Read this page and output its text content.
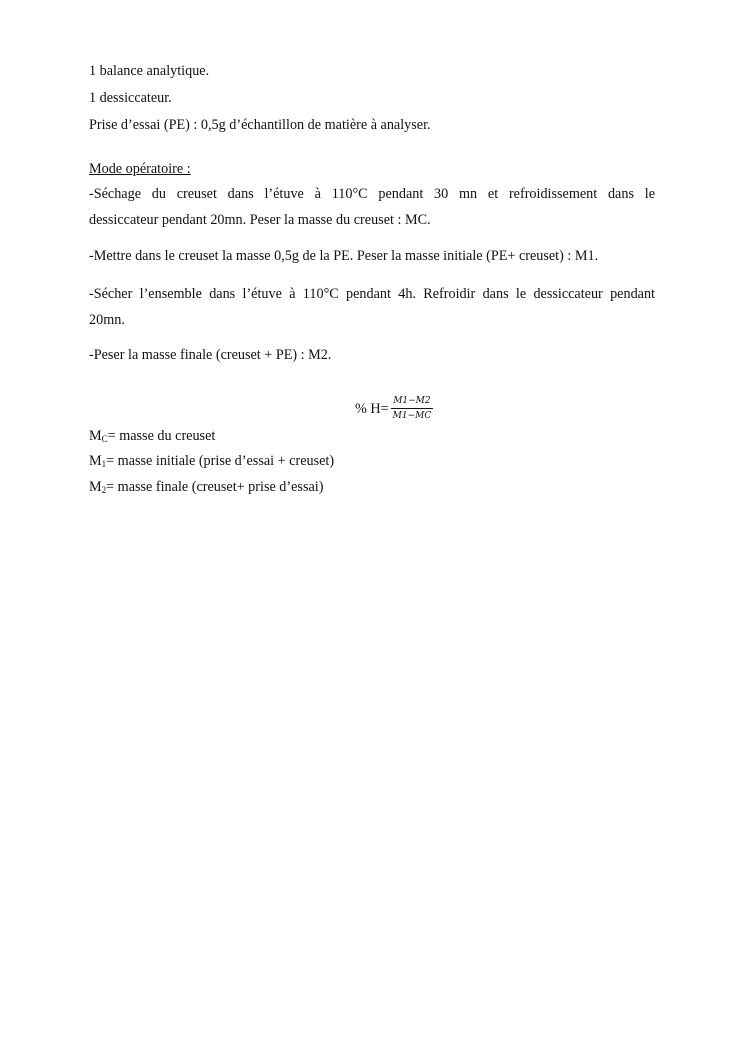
1 balance analytique.
1 dessiccateur.
Prise d’essai (PE) : 0,5g d’échantillon de matière à analyser.
Mode opératoire :
-Séchage du creuset dans l’étuve à 110°C pendant 30 mn et refroidissement dans le
dessiccateur pendant 20mn. Peser la masse du creuset : MC.
-Mettre dans le creuset la masse 0,5g de la PE. Peser la masse initiale (PE+ creuset) : M1.
-Sécher l’ensemble dans l’étuve à 110°C pendant 4h. Refroidir dans le dessiccateur pendant
20mn.
-Peser la masse finale (creuset + PE) : M2.
% $H= \frac{M1-M2}{M1-MC}$
$M_C=$ masse du creuset
$M_1=$ masse initiale (prise d’essai + creuset)
$M_2=$ masse finale (creuset+ prise d’essai)
